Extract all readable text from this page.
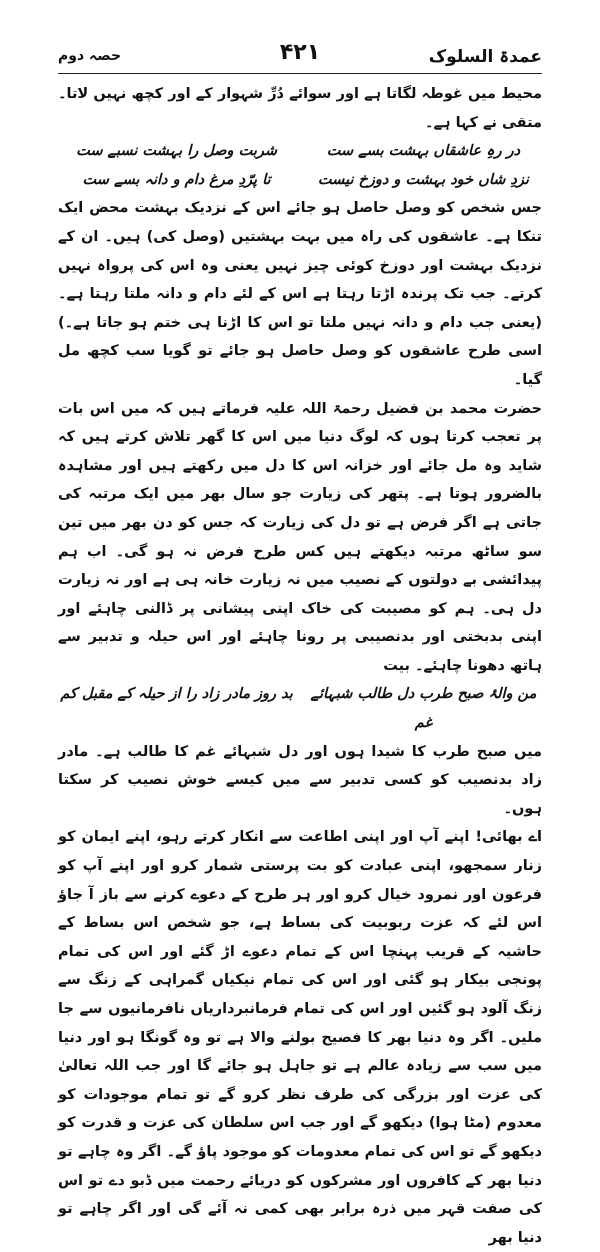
عمدۃ السلوک
۴۲۱
حصہ دوم

محیط میں غوطہ لگاتا ہے اور سوائے دُرِّ شہوار کے اور کچھ نہیں لاتا۔ متقی نے کہا ہے۔

در رہِ عاشقاں بہشت بسے ست
شربت وصل را بہشت نسبے ست
نزدِ شاں خود بہشت و دوزخ نیست
تا پرّدِ مرغ دام و دانہ بسے ست

جس شخص کو وصل حاصل ہو جائے اس کے نزدیک بہشت محض ایک تنکا ہے۔ عاشقوں کی راہ میں بہت بہشتیں (وصل کی) ہیں۔ ان کے نزدیک بہشت اور دوزخ کوئی چیز نہیں یعنی وہ اس کی پرواہ نہیں کرتے۔ جب تک پرندہ اڑتا رہتا ہے اس کے لئے دام و دانہ ملتا رہتا ہے۔ (یعنی جب دام و دانہ نہیں ملتا تو اس کا اڑنا ہی ختم ہو جاتا ہے۔) اسی طرح عاشقوں کو وصل حاصل ہو جائے تو گویا سب کچھ مل گیا۔

حضرت محمد بن فضیل رحمۃ اللہ علیہ فرماتے ہیں کہ میں اس بات پر تعجب کرتا ہوں کہ لوگ دنیا میں اس کا گھر تلاش کرتے ہیں کہ شاید وہ مل جائے اور خزانہ اس کا دل میں رکھتے ہیں اور مشاہدہ بالضرور ہوتا ہے۔ پتھر کی زیارت جو سال بھر میں ایک مرتبہ کی جاتی ہے اگر فرض ہے تو دل کی زیارت کہ جس کو دن بھر میں تین سو ساٹھ مرتبہ دیکھتے ہیں کس طرح فرض نہ ہو گی۔ اب ہم پیدائشی بے دولتوں کے نصیب میں نہ زیارت خانہ ہی ہے اور نہ زیارت دل ہی۔ ہم کو مصیبت کی خاک اپنی پیشانی پر ڈالنی چاہئے اور اپنی بدبختی اور بدنصیبی پر رونا چاہئے اور اس حیلہ و تدبیر سے ہاتھ دھونا چاہئے۔ بیت

من والۂ صبح طرب دل طالب شبہائے غم
بد روز مادر زاد را از حیلہ کے مقبل کم

میں صبح طرب کا شیدا ہوں اور دل شبہائے غم کا طالب ہے۔ مادر زاد بدنصیب کو کسی تدبیر سے میں کیسے خوش نصیب کر سکتا ہوں۔

اے بھائی! اپنے آپ اور اپنی اطاعت سے انکار کرتے رہو، اپنے ایمان کو زنار سمجھو، اپنی عبادت کو بت پرستی شمار کرو اور اپنے آپ کو فرعون اور نمرود خیال کرو اور ہر طرح کے دعوے کرنے سے باز آ جاؤ اس لئے کہ عزت ربوبیت کی بساط ہے، جو شخص اس بساط کے حاشیہ کے قریب پہنچا اس کے تمام دعوے اڑ گئے اور اس کی تمام پونجی بیکار ہو گئی اور اس کی تمام نیکیاں گمراہی کے زنگ سے زنگ آلود ہو گئیں اور اس کی تمام فرمانبرداریاں نافرمانیوں سے جا ملیں۔ اگر وہ دنیا بھر کا فصیح بولنے والا ہے تو وہ گونگا ہو اور دنیا میں سب سے زیادہ عالم ہے تو جاہل ہو جائے گا اور جب اللہ تعالیٰ کی عزت اور بزرگی کی طرف نظر کرو گے تو تمام موجودات کو معدوم (مٹا ہوا) دیکھو گے اور جب اس سلطان کی عزت و قدرت کو دیکھو گے تو اس کی تمام معدومات کو موجود پاؤ گے۔ اگر وہ چاہے تو دنیا بھر کے کافروں اور مشرکوں کو دریائے رحمت میں ڈبو دے تو اس کی صفت قہر میں ذرہ برابر بھی کمی نہ آئے گی اور اگر چاہے تو دنیا بھر
